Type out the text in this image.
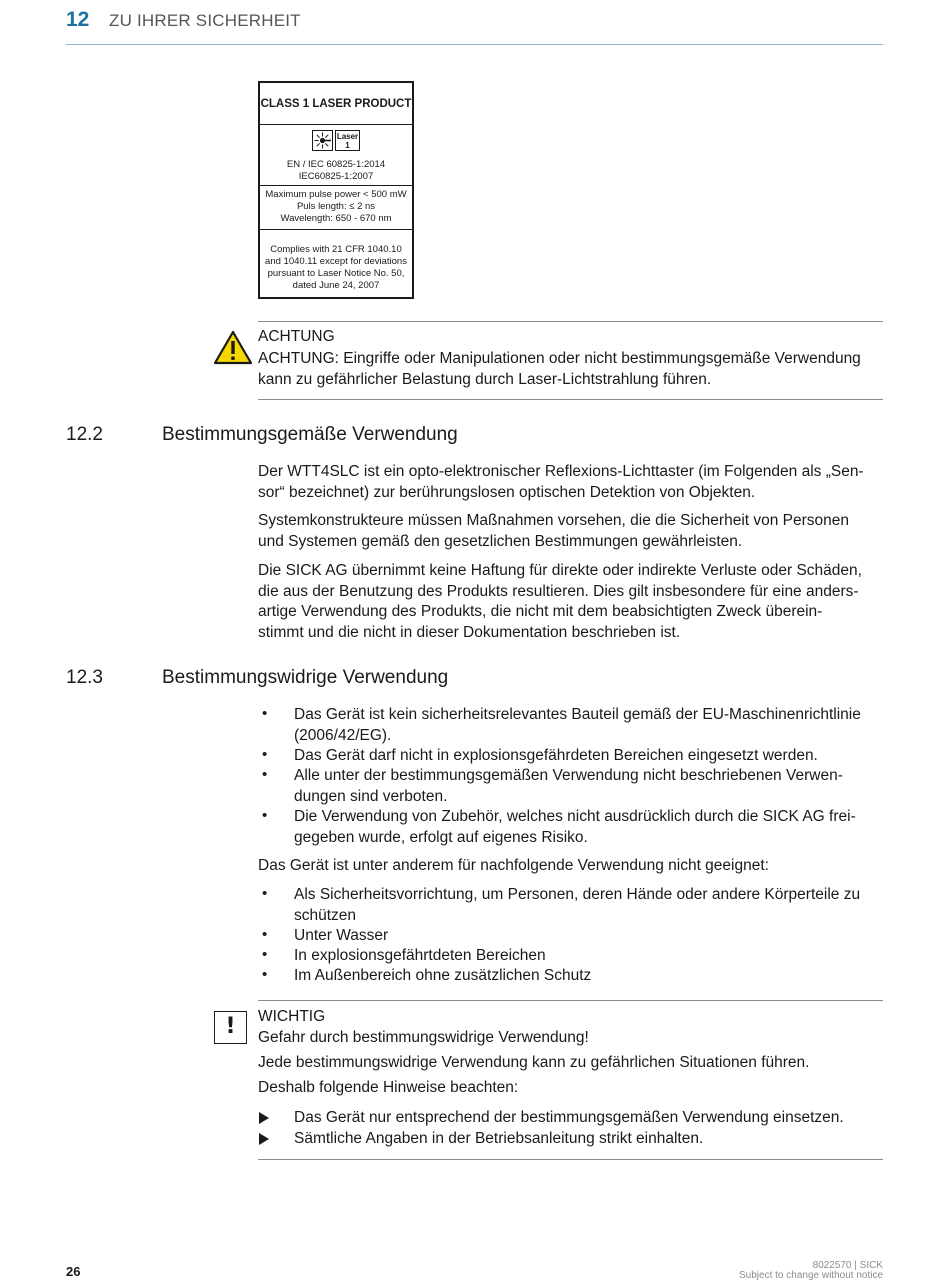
12 ZU IHRER SICHERHEIT
CLASS 1 LASER PRODUCT
Laser
1
EN / IEC 60825-1:2014
IEC60825-1:2007
Maximum pulse power < 500 mW
Puls length: ≤ 2 ns
Wavelength: 650 - 670 nm
Complies with 21 CFR 1040.10
and 1040.11 except for deviations
pursuant to Laser Notice No. 50,
dated June 24, 2007
ACHTUNG
ACHTUNG: Eingriffe oder Manipulationen oder nicht bestimmungsgemäße Verwendung kann zu gefährlicher Belastung durch Laser-Lichtstrahlung führen.
12.2	Bestimmungsgemäße Verwendung
Der WTT4SLC ist ein opto-elektronischer Reflexions-Lichttaster (im Folgenden als „Sen-
sor“ bezeichnet) zur berührungslosen optischen Detektion von Objekten.
Systemkonstrukteure müssen Maßnahmen vorsehen, die die Sicherheit von Personen
und Systemen gemäß den gesetzlichen Bestimmungen gewährleisten.
Die SICK AG übernimmt keine Haftung für direkte oder indirekte Verluste oder Schäden,
die aus der Benutzung des Produkts resultieren. Dies gilt insbesondere für eine anders-
artige Verwendung des Produkts, die nicht mit dem beabsichtigten Zweck überein-
stimmt und die nicht in dieser Dokumentation beschrieben ist.
12.3	Bestimmungswidrige Verwendung
• Das Gerät ist kein sicherheitsrelevantes Bauteil gemäß der EU-Maschinenrichtlinie
(2006/42/EG).
• Das Gerät darf nicht in explosionsgefährdeten Bereichen eingesetzt werden.
• Alle unter der bestimmungsgemäßen Verwendung nicht beschriebenen Verwen-
dungen sind verboten.
• Die Verwendung von Zubehör, welches nicht ausdrücklich durch die SICK AG frei-
gegeben wurde, erfolgt auf eigenes Risiko.
Das Gerät ist unter anderem für nachfolgende Verwendung nicht geeignet:
• Als Sicherheitsvorrichtung, um Personen, deren Hände oder andere Körperteile zu
schützen
• Unter Wasser
• In explosionsgefährtdeten Bereichen
• Im Außenbereich ohne zusätzlichen Schutz
!	WICHTIG
Gefahr durch bestimmungswidrige Verwendung!
Jede bestimmungswidrige Verwendung kann zu gefährlichen Situationen führen.
Deshalb folgende Hinweise beachten:
Das Gerät nur entsprechend der bestimmungsgemäßen Verwendung einsetzen.
Sämtliche Angaben in der Betriebsanleitung strikt einhalten.
26	8022570 | SICK
Subject to change without notice
